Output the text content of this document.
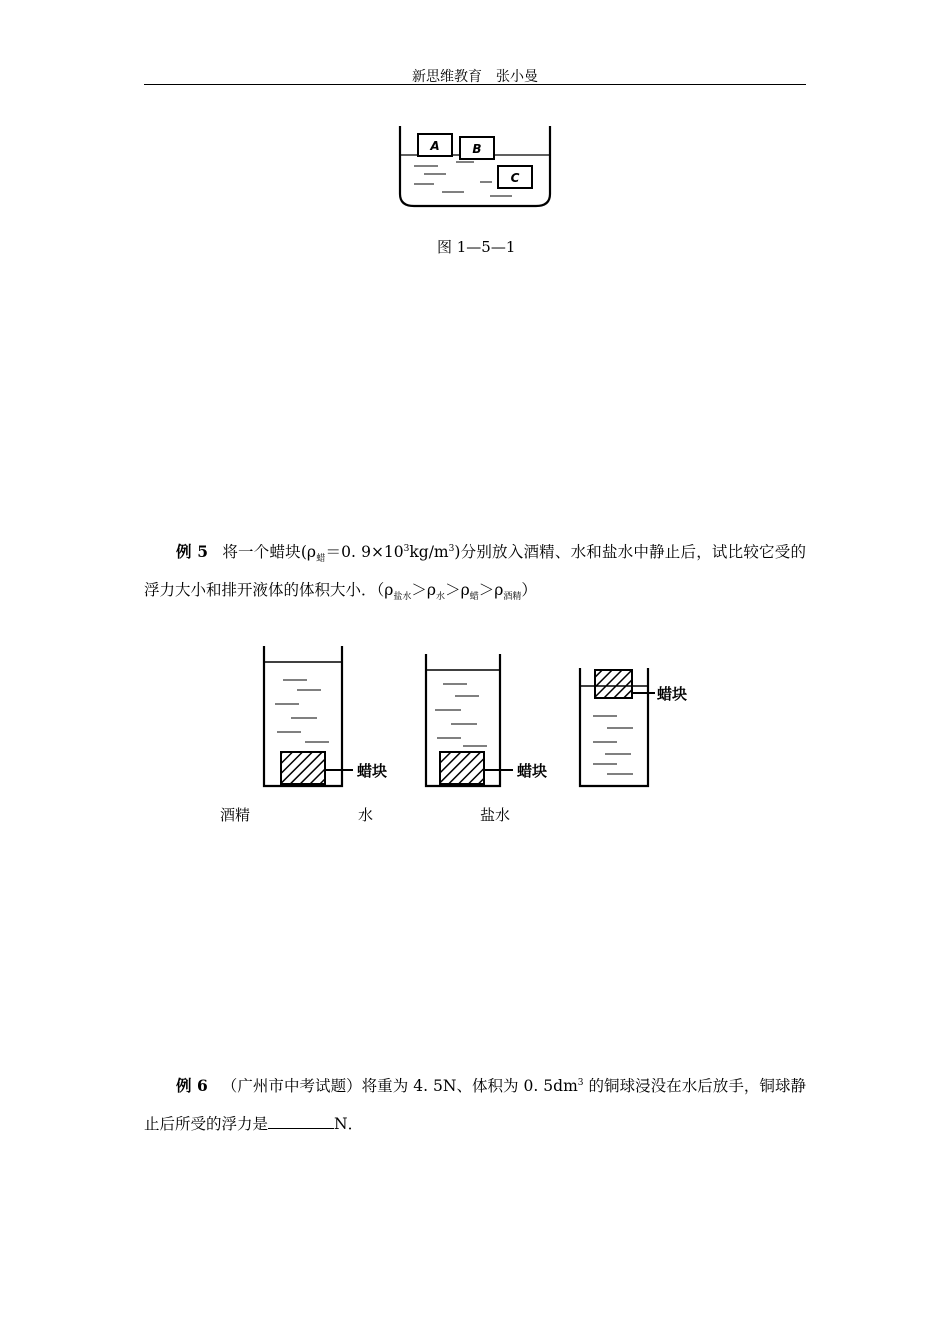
新思维教育　张小曼
A	B
C
图 1—5—1
例 5 将一个蜡块($\rho_蜡=0$. $9\times 10^3kg/m^3$)分别放入酒精、水和盐水中静止后，试比较它受的浮力大小和排开液体的体积大小．$(\rho_{盐水}>\rho_水>\rho_蜡>\rho_{酒精})$
蜡块	蜡块
蜡块
酒精	水	盐水
例 6 （广州市中考试题）将重为 4. 5N、体积为 0. $5dm^3$ 的铜球浸没在水后放手，铜球静止后所受的浮力是	N．
